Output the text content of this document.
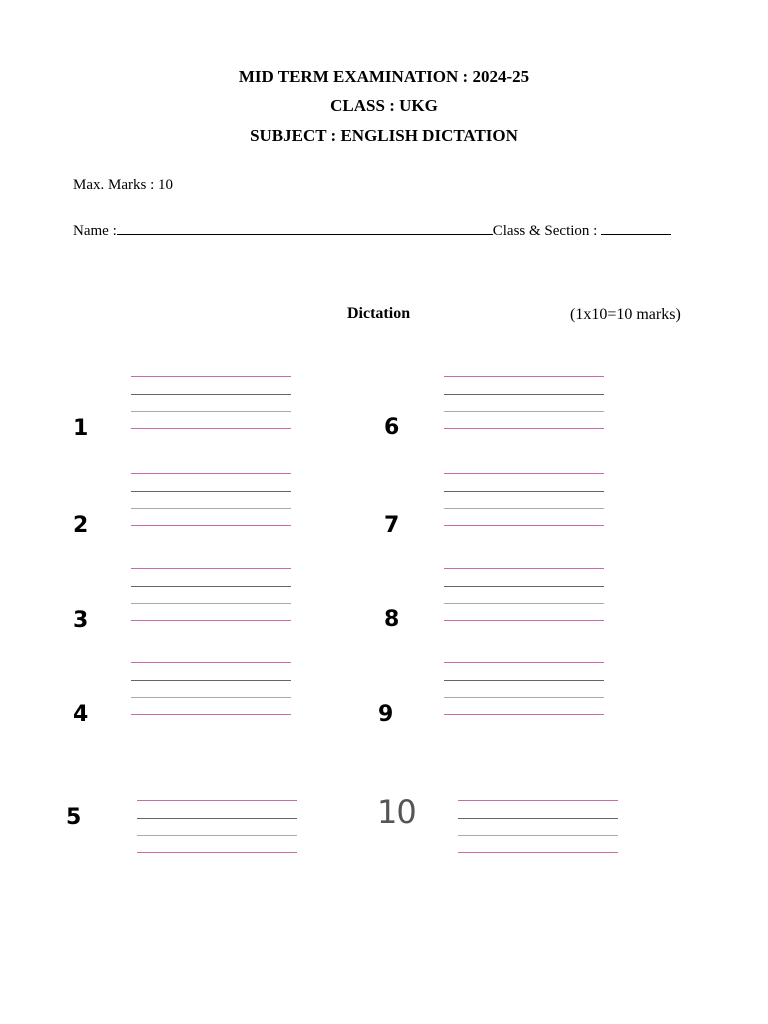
MID TERM EXAMINATION : 2024-25
CLASS : UKG
SUBJECT : ENGLISH DICTATION
Max. Marks : 10
Name :	Class & Section :
Dictation	(1x10=10 marks)
1
2
3
4
5
6
7
8
9
10
